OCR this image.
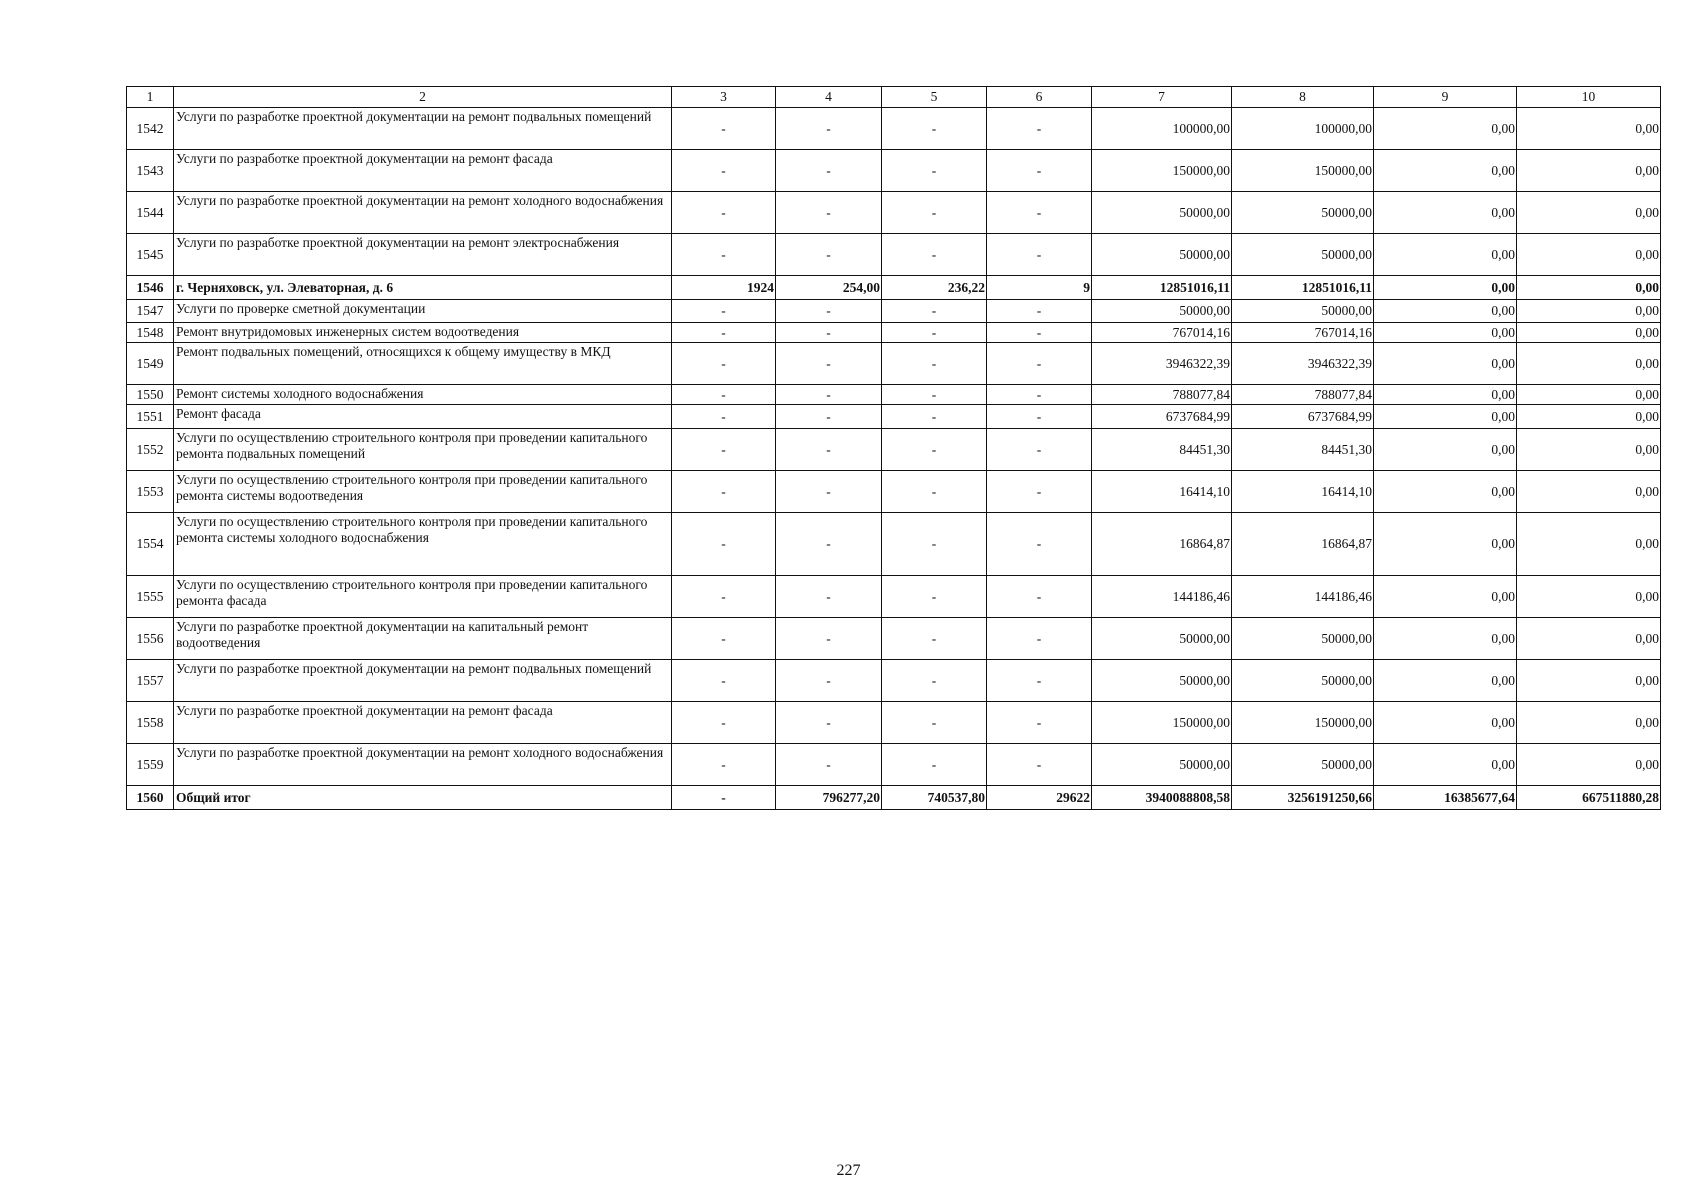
1	2	3	4	5	6	7	8	9	10
1542	Услуги по разработке проектной документации на ремонт подвальных помещений	-	-	-	-	100000,00	100000,00	0,00	0,00
1543	Услуги по разработке проектной документации на ремонт фасада	-	-	-	-	150000,00	150000,00	0,00	0,00
1544	Услуги по разработке проектной документации на ремонт холодного водоснабжения	-	-	-	-	50000,00	50000,00	0,00	0,00
1545	Услуги по разработке проектной документации на ремонт электроснабжения	-	-	-	-	50000,00	50000,00	0,00	0,00
1546	г. Черняховск, ул. Элеваторная, д. 6	1924	254,00	236,22	9	12851016,11	12851016,11	0,00	0,00
1547	Услуги по проверке сметной документации	-	-	-	-	50000,00	50000,00	0,00	0,00
1548	Ремонт внутридомовых инженерных систем водоотведения	-	-	-	-	767014,16	767014,16	0,00	0,00
1549	Ремонт подвальных помещений, относящихся к общему имуществу в МКД	-	-	-	-	3946322,39	3946322,39	0,00	0,00
1550	Ремонт системы холодного водоснабжения	-	-	-	-	788077,84	788077,84	0,00	0,00
1551	Ремонт фасада	-	-	-	-	6737684,99	6737684,99	0,00	0,00
1552	Услуги по осуществлению строительного контроля при проведении капитального ремонта подвальных помещений	-	-	-	-	84451,30	84451,30	0,00	0,00
1553	Услуги по осуществлению строительного контроля при проведении капитального ремонта системы водоотведения	-	-	-	-	16414,10	16414,10	0,00	0,00
1554	Услуги по осуществлению строительного контроля при проведении капитального ремонта системы холодного водоснабжения	-	-	-	-	16864,87	16864,87	0,00	0,00
1555	Услуги по осуществлению строительного контроля при проведении капитального ремонта фасада	-	-	-	-	144186,46	144186,46	0,00	0,00
1556	Услуги по разработке проектной документации на капитальный ремонт водоотведения	-	-	-	-	50000,00	50000,00	0,00	0,00
1557	Услуги по разработке проектной документации на ремонт подвальных помещений	-	-	-	-	50000,00	50000,00	0,00	0,00
1558	Услуги по разработке проектной документации на ремонт фасада	-	-	-	-	150000,00	150000,00	0,00	0,00
1559	Услуги по разработке проектной документации на ремонт холодного водоснабжения	-	-	-	-	50000,00	50000,00	0,00	0,00
1560	Общий итог	-	796277,20	740537,80	29622	3940088808,58	3256191250,66	16385677,64	667511880,28
227
